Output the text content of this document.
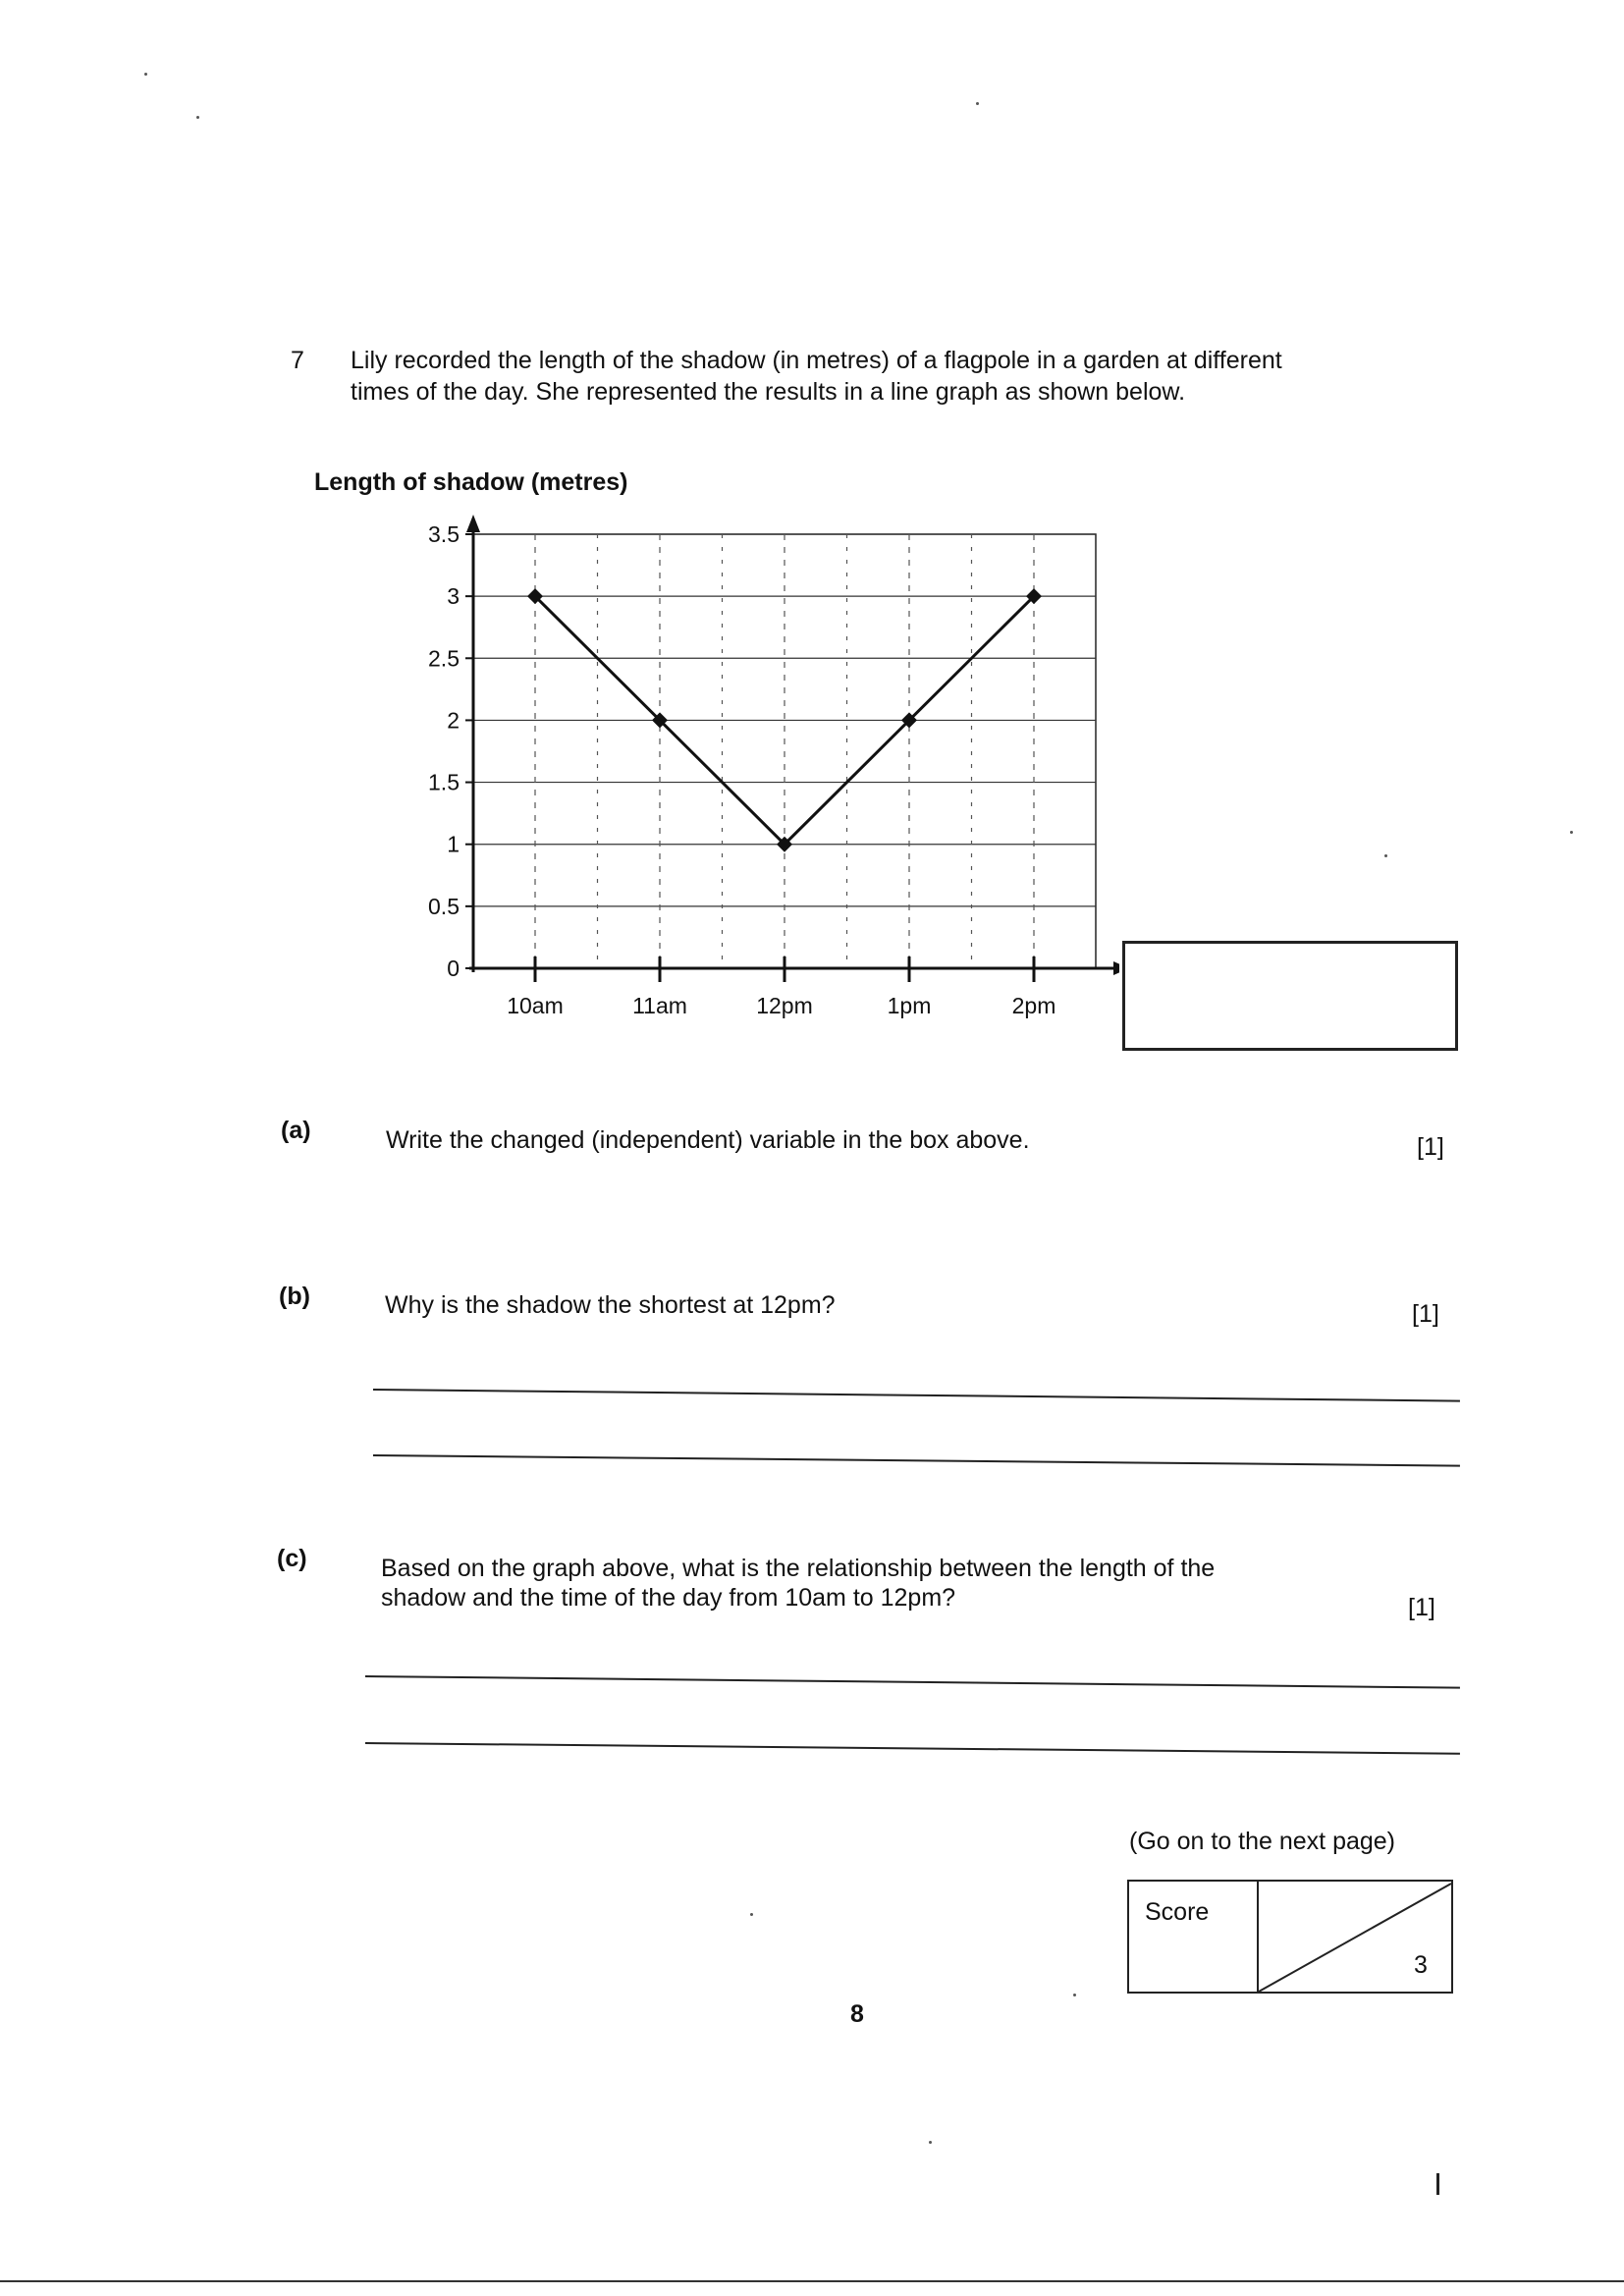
7 Lily recorded the length of the shadow (in metres) of a flagpole in a garden at different
times of the day. She represented the results in a line graph as shown below.
Length of shadow (metres)
0
0.5
1
1.5
2
2.5
3
3.5
10am	11am	12pm	1pm	2pm
(a)	Write the changed (independent) variable in the box above.	[1]
(b)	Why is the shadow the shortest at 12pm?	[1]
(c)	Based on the graph above, what is the relationship between the length of the
shadow and the time of the day from 10am to 12pm?	[1]
(Go on to the next page)
Score
3
8
